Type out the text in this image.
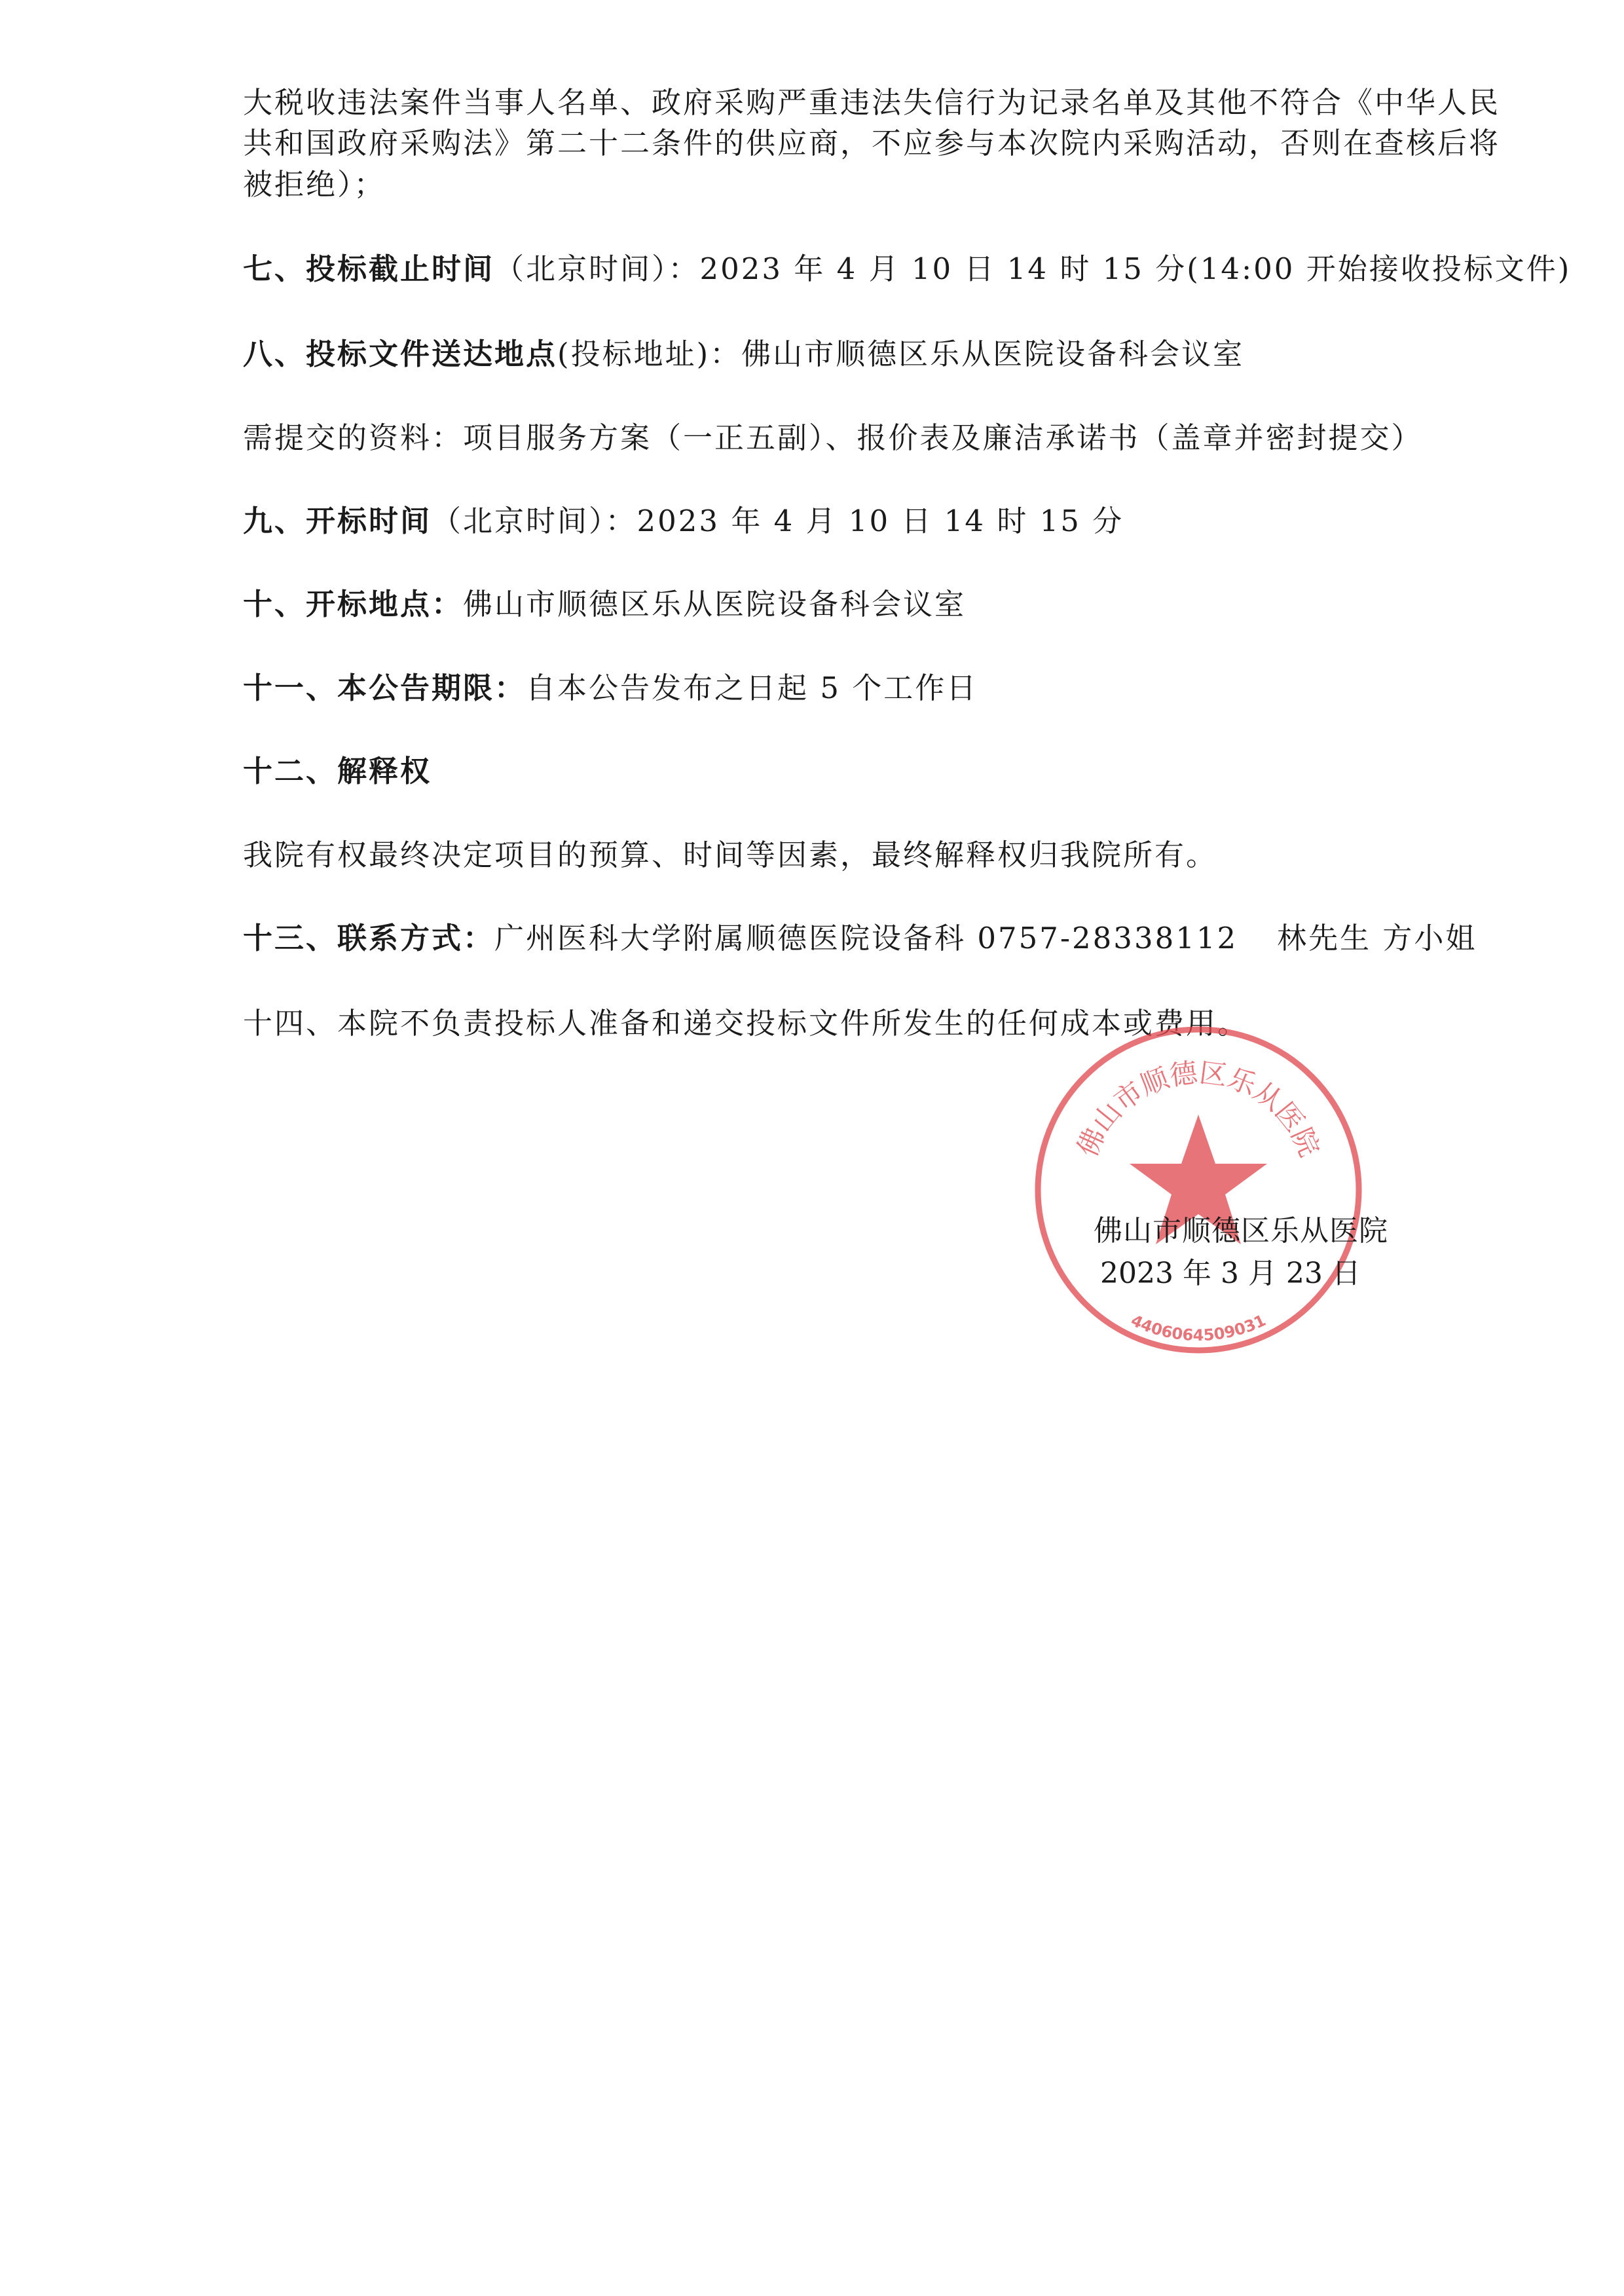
大税收违法案件当事人名单、政府采购严重违法失信行为记录名单及其他不符合《中华人民
共和国政府采购法》第二十二条件的供应商，不应参与本次院内采购活动，否则在查核后将
被拒绝）；
七、投标截止时间（北京时间）：2023 年 4 月 10 日 14 时 15 分(14:00 开始接收投标文件)
八、投标文件送达地点(投标地址)：佛山市顺德区乐从医院设备科会议室
需提交的资料：项目服务方案（一正五副）、报价表及廉洁承诺书（盖章并密封提交）
九、开标时间（北京时间）：2023 年 4 月 10 日 14 时 15 分
十、开标地点：佛山市顺德区乐从医院设备科会议室
十一、本公告期限：自本公告发布之日起 5 个工作日
十二、解释权
我院有权最终决定项目的预算、时间等因素，最终解释权归我院所有。
十三、联系方式：广州医科大学附属顺德医院设备科 0757-28338112 林先生 方小姐
十四、本院不负责投标人准备和递交投标文件所发生的任何成本或费用。
佛山市顺德区乐从医院
4406064509031
佛山市顺德区乐从医院
2023 年 3 月 23 日
